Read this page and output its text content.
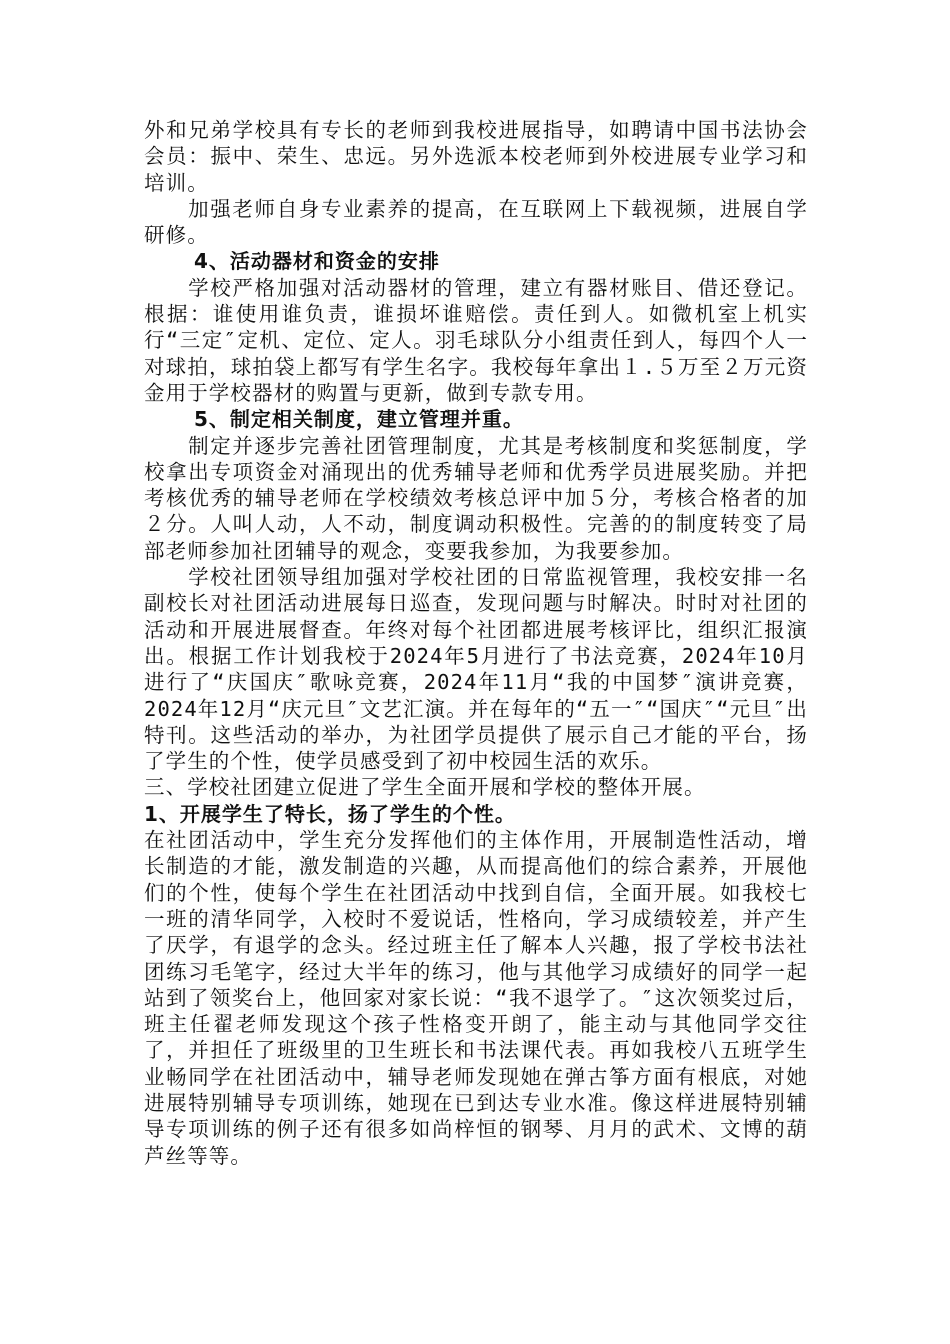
外和兄弟学校具有专长的老师到我校进展指导，如聘请中国书法协会会员：振中、荣生、忠远。另外选派本校老师到外校进展专业学习和培训。

加强老师自身专业素养的提高，在互联网上下载视频，进展自学研修。

4、活动器材和资金的安排

学校严格加强对活动器材的管理，建立有器材账目、借还登记。根据：谁使用谁负责，谁损坏谁赔偿。责任到人。如微机室上机实行“三定″定机、定位、定人。羽毛球队分小组责任到人，每四个人一对球拍，球拍袋上都写有学生名字。我校每年拿出１.５万至２万元资金用于学校器材的购置与更新，做到专款专用。

5、制定相关制度，建立管理并重。

制定并逐步完善社团管理制度，尤其是考核制度和奖惩制度，学校拿出专项资金对涌现出的优秀辅导老师和优秀学员进展奖励。并把考核优秀的辅导老师在学校绩效考核总评中加５分，考核合格者的加２分。人叫人动，人不动，制度调动积极性。完善的的制度转变了局部老师参加社团辅导的观念，变要我参加，为我要参加。

学校社团领导组加强对学校社团的日常监视管理，我校安排一名副校长对社团活动进展每日巡查，发现问题与时解决。时时对社团的活动和开展进展督查。年终对每个社团都进展考核评比，组织汇报演出。根据工作计划我校于2024年5月进行了书法竞赛，2024年10月进行了“庆国庆″歌咏竞赛，2024年11月“我的中国梦″演讲竞赛，2024年12月“庆元旦″文艺汇演。并在每年的“五一″“国庆″“元旦″出特刊。这些活动的举办，为社团学员提供了展示自己才能的平台，扬了学生的个性，使学员感受到了初中校园生活的欢乐。

三、学校社团建立促进了学生全面开展和学校的整体开展。

1、开展学生了特长，扬了学生的个性。

在社团活动中，学生充分发挥他们的主体作用，开展制造性活动，增长制造的才能，激发制造的兴趣，从而提高他们的综合素养，开展他们的个性，使每个学生在社团活动中找到自信，全面开展。如我校七一班的清华同学，入校时不爱说话，性格向，学习成绩较差，并产生了厌学，有退学的念头。经过班主任了解本人兴趣，报了学校书法社团练习毛笔字，经过大半年的练习，他与其他学习成绩好的同学一起站到了领奖台上，他回家对家长说：“我不退学了。″这次领奖过后，班主任翟老师发现这个孩子性格变开朗了，能主动与其他同学交往了，并担任了班级里的卫生班长和书法课代表。再如我校八五班学生业畅同学在社团活动中，辅导老师发现她在弹古筝方面有根底，对她进展特别辅导专项训练，她现在已到达专业水准。像这样进展特别辅导专项训练的例子还有很多如尚梓恒的钢琴、月月的武术、文博的葫芦丝等等。
